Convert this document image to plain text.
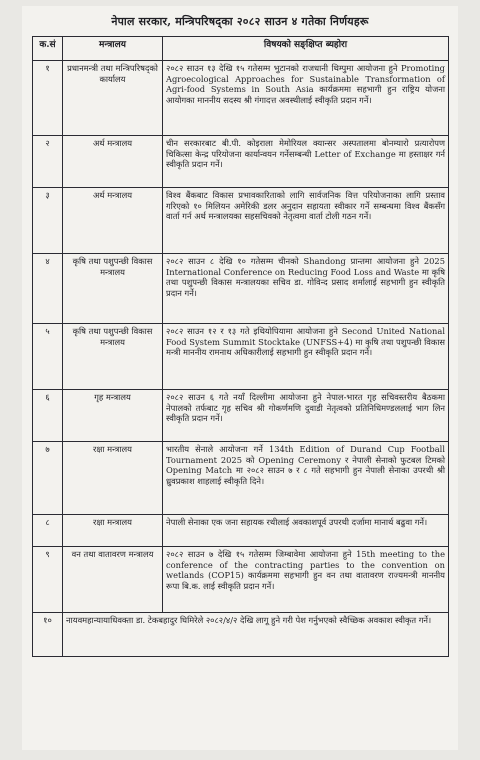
नेपाल सरकार, मन्त्रिपरिषद्का २०८२ साउन ४ गतेका निर्णयहरू
क.सं	मन्त्रालय	विषयको सङ्क्षिप्त ब्यहोरा
१	प्रधानमन्त्री तथा मन्त्रिपरिषद्को कार्यालय	२०८२ साउन १३ देखि १५ गतेसम्म भुटानको राजधानी थिम्पुमा आयोजना हुने Promoting Agroecological Approaches for Sustainable Transformation of Agri-food Systems in South Asia कार्यक्रममा सहभागी हुन राष्ट्रिय योजना आयोगका माननीय सदस्य श्री गंगादत्त अवस्थीलाई स्वीकृति प्रदान गर्ने।
२	अर्थ मन्त्रालय	चीन सरकारबाट बी.पी. कोइराला मेमोरियल क्यान्सर अस्पतालमा बोनम्यारो प्रत्यारोपण चिकित्सा केन्द्र परियोजना कार्यान्वयन गर्नेसम्बन्धी Letter of Exchange मा हस्ताक्षर गर्न स्वीकृति प्रदान गर्ने।
३	अर्थ मन्त्रालय	विश्व बैंकबाट विकास प्रभावकारिताको लागि सार्वजनिक वित्त परियोजनाका लागि प्रस्ताव गरिएको १० मिलियन अमेरिकी डलर अनुदान सहायता स्वीकार गर्ने सम्बन्धमा विश्व बैंकसँग वार्ता गर्न अर्थ मन्त्रालयका सहसचिवको नेतृत्वमा वार्ता टोली गठन गर्ने।
४	कृषि तथा पशुपन्छी विकास मन्त्रालय	२०८२ साउन ८ देखि १० गतेसम्म चीनको Shandong प्रान्तमा आयोजना हुने 2025 International Conference on Reducing Food Loss and Waste मा कृषि तथा पशुपन्छी विकास मन्त्रालयका सचिव डा. गोविन्द प्रसाद शर्मालाई सहभागी हुन स्वीकृति प्रदान गर्ने।
५	कृषि तथा पशुपन्छी विकास मन्त्रालय	२०८२ साउन १२ र १३ गते इथियोपियामा आयोजना हुने Second United National Food System Summit Stocktake (UNFSS+4) मा कृषि तथा पशुपन्छी विकास मन्त्री माननीय रामनाथ अधिकारीलाई सहभागी हुन स्वीकृति प्रदान गर्ने।
६	गृह मन्त्रालय	२०८२ साउन ६ गते नयाँ दिल्लीमा आयोजना हुने नेपाल-भारत गृह सचिवस्तरीय बैठकमा नेपालको तर्फबाट गृह सचिव श्री गोकर्णमणि दुवाडी नेतृत्वको प्रतिनिधिमण्डललाई भाग लिन स्वीकृति प्रदान गर्ने।
७	रक्षा मन्त्रालय	भारतीय सेनाले आयोजना गर्ने 134th Edition of Durand Cup Football Tournament 2025 को Opening Ceremony र नेपाली सेनाको फुटबल टिमको Opening Match मा २०८२ साउन ७ र ८ गते सहभागी हुन नेपाली सेनाका उपरथी श्री ध्रुवप्रकाश शाहलाई स्वीकृति दिने।
८	रक्षा मन्त्रालय	नेपाली सेनाका एक जना सहायक रथीलाई अवकाशपूर्व उपरथी दर्जामा मानार्थ बढुवा गर्ने।
९	वन तथा वातावरण मन्त्रालय	२०८२ साउन ७ देखि १५ गतेसम्म जिम्बावेमा आयोजना हुने 15th meeting to the conference of the contracting parties to the convention on wetlands (COP15) कार्यक्रममा सहभागी हुन वन तथा वातावरण राज्यमन्त्री माननीय रूपा बि.क. लाई स्वीकृति प्रदान गर्ने।
१०	नायवमहान्यायाधिवक्ता डा. टेकबहादुर घिमिरेले २०८२/४/२ देखि लागू हुने गरी पेश गर्नुभएको स्वैच्छिक अवकाश स्वीकृत गर्ने।	
